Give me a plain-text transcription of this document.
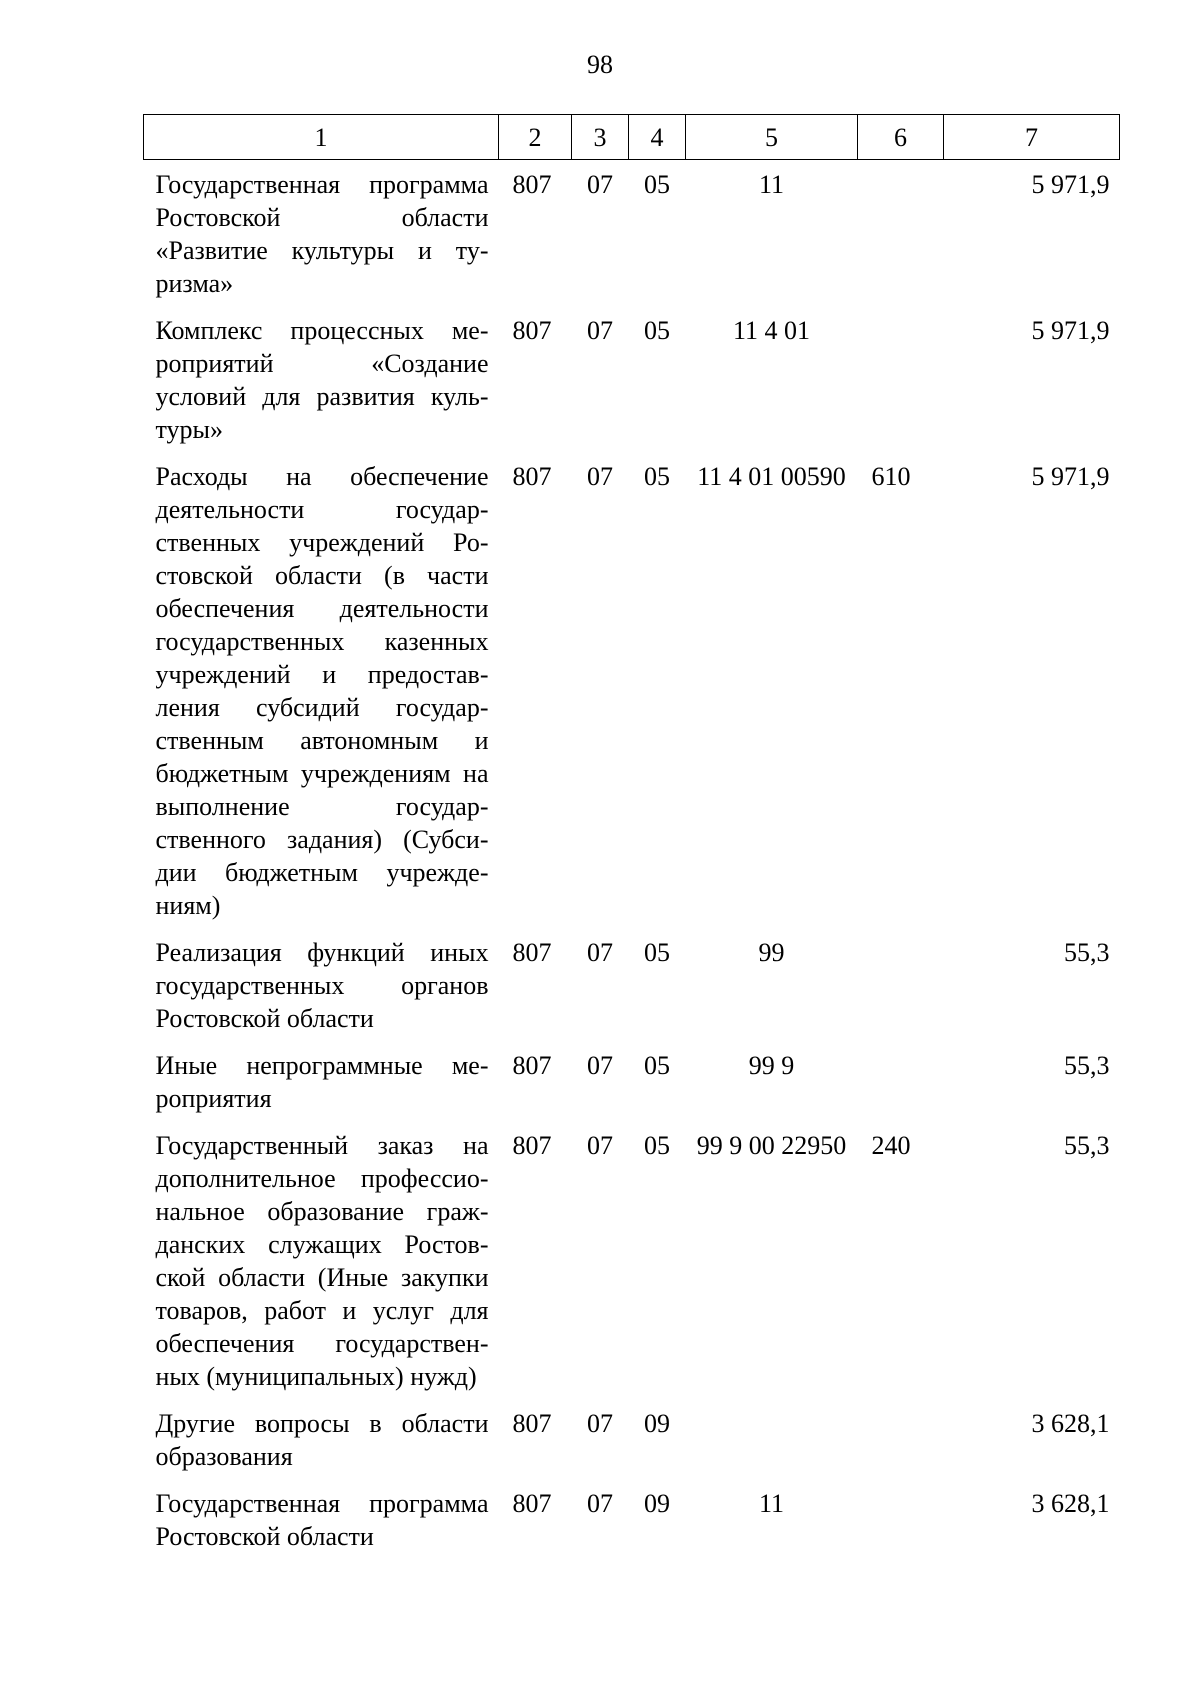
98
1	2	3	4	5	6	7
Государственная программа Ростовской области «Развитие культуры и туризма»	807	07	05	11		5 971,9
Комплекс процессных мероприятий «Создание условий для развития культуры»	807	07	05	11 4 01		5 971,9
Расходы на обеспечение деятельности государственных учреждений Ростовской области (в части обеспечения деятельности государственных казенных учреждений и предоставления субсидий государственным автономным и бюджетным учреждениям на выполнение государственного задания) (Субсидии бюджетным учреждениям)	807	07	05	11 4 01 00590	610	5 971,9
Реализация функций иных государственных органов Ростовской области	807	07	05	99		55,3
Иные непрограммные мероприятия	807	07	05	99 9		55,3
Государственный заказ на дополнительное профессиональное образование гражданских служащих Ростовской области (Иные закупки товаров, работ и услуг для обеспечения государственных (муниципальных) нужд)	807	07	05	99 9 00 22950	240	55,3
Другие вопросы в области образования	807	07	09			3 628,1
Государственная программа Ростовской области	807	07	09	11		3 628,1
